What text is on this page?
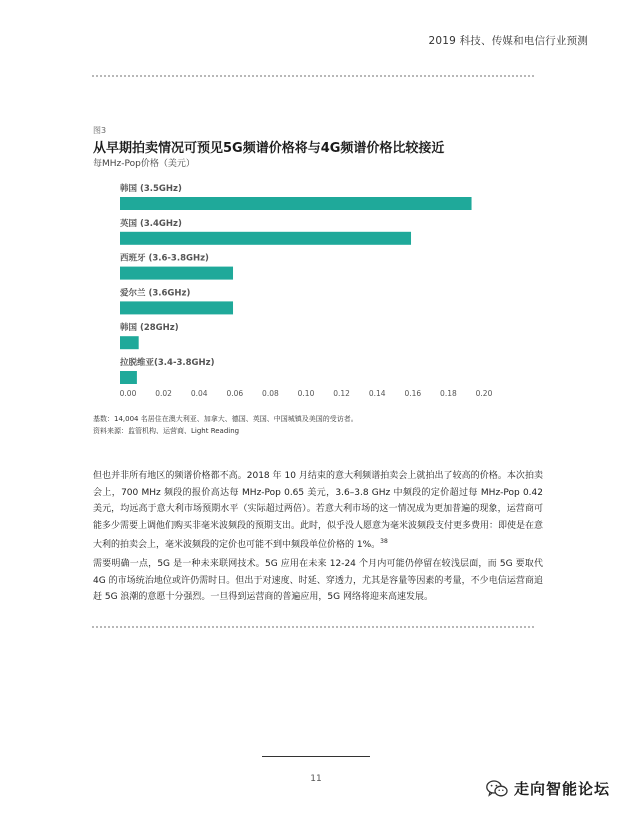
2019 科技、传媒和电信行业预测
图3
从早期拍卖情况可预见5G频谱价格将与4G频谱价格比较接近
每MHz-Pop价格（美元）
韩国 (3.5GHz)
英国 (3.4GHz)
西班牙 (3.6-3.8GHz)
爱尔兰 (3.6GHz)
韩国 (28GHz)
拉脱维亚(3.4-3.8GHz)
0.00	0.02	0.04	0.06	0.08	0.10	0.12	0.14	0.16	0.18	0.20
基数：14,004 名居住在澳大利亚、加拿大、德国、英国、中国城镇及美国的受访者。
资料来源：监管机构、运营商、Light Reading

但也并非所有地区的频谱价格都不高。2018 年 10 月结束的意大利频谱拍卖会上就拍出了较高的价格。本次拍卖会上，700 MHz 频段的报价高达每 MHz-Pop 0.65 美元，3.6–3.8 GHz 中频段的定价超过每 MHz-Pop 0.42 美元，均远高于意大利市场预期水平（实际超过两倍）。若意大利市场的这一情况成为更加普遍的现象，运营商可能多少需要上调他们购买非毫米波频段的预期支出。此时，似乎没人愿意为毫米波频段支付更多费用：即使是在意大利的拍卖会上，毫米波频段的定价也可能不到中频段单位价格的 1%。$^{38}$

需要明确一点，5G 是一种未来联网技术。5G 应用在未来 12-24 个月内可能仍停留在较浅层面，而 5G 要取代 4G 的市场统治地位或许仍需时日。但出于对速度、时延、穿透力，尤其是容量等因素的考量，不少电信运营商追赶 5G 浪潮的意愿十分强烈。一旦得到运营商的普遍应用，5G 网络将迎来高速发展。

11
走向智能论坛
